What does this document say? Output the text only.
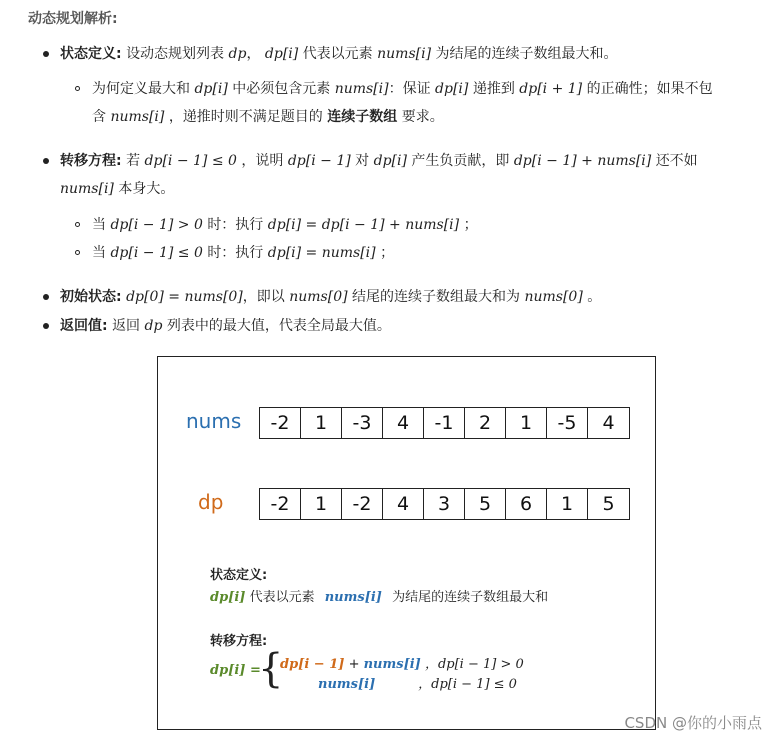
动态规划解析:
状态定义: 设动态规划列表 dp， dp[i] 代表以元素 nums[i] 为结尾的连续子数组最大和。
为何定义最大和 dp[i] 中必须包含元素 nums[i]：保证 dp[i] 递推到 dp[i + 1] 的正确性；如果不包
含 nums[i] ，递推时则不满足题目的 连续子数组 要求。
转移方程: 若 dp[i − 1] ≤ 0 ，说明 dp[i − 1] 对 dp[i] 产生负贡献，即 dp[i − 1] + nums[i] 还不如
nums[i] 本身大。
当 dp[i − 1] > 0 时：执行 dp[i] = dp[i − 1] + nums[i] ；
当 dp[i − 1] ≤ 0 时：执行 dp[i] = nums[i] ；
初始状态: dp[0] = nums[0]，即以 nums[0] 结尾的连续子数组最大和为 nums[0] 。
返回值: 返回 dp 列表中的最大值，代表全局最大值。
nums	-2	1	-3	4	-1	2	1	-5	4
dp	-2	1	-2	4	3	5	6	1	5
状态定义:
dp[i] 代表以元素 nums[i] 为结尾的连续子数组最大和
转移方程:
dp[i] =
{
dp[i − 1] + nums[i] ，dp[i − 1] > 0
nums[i]	，dp[i − 1] ≤ 0
CSDN @你的小雨点
